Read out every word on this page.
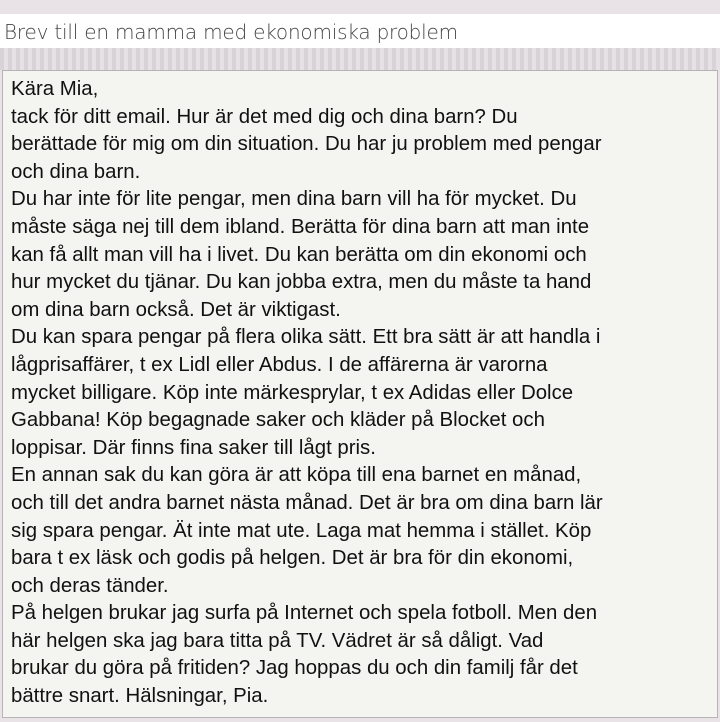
Brev till en mamma med ekonomiska problem
Kära Mia,
tack för ditt email. Hur är det med dig och dina barn? Du
berättade för mig om din situation. Du har ju problem med pengar
och dina barn.
Du har inte för lite pengar, men dina barn vill ha för mycket. Du
måste säga nej till dem ibland. Berätta för dina barn att man inte
kan få allt man vill ha i livet. Du kan berätta om din ekonomi och
hur mycket du tjänar. Du kan jobba extra, men du måste ta hand
om dina barn också. Det är viktigast.
Du kan spara pengar på flera olika sätt. Ett bra sätt är att handla i
lågprisaffärer, t ex Lidl eller Abdus. I de affärerna är varorna
mycket billigare. Köp inte märkesprylar, t ex Adidas eller Dolce
Gabbana! Köp begagnade saker och kläder på Blocket och
loppisar. Där finns fina saker till lågt pris.
En annan sak du kan göra är att köpa till ena barnet en månad,
och till det andra barnet nästa månad. Det är bra om dina barn lär
sig spara pengar. Ät inte mat ute. Laga mat hemma i stället. Köp
bara t ex läsk och godis på helgen. Det är bra för din ekonomi,
och deras tänder.
På helgen brukar jag surfa på Internet och spela fotboll. Men den
här helgen ska jag bara titta på TV. Vädret är så dåligt. Vad
brukar du göra på fritiden? Jag hoppas du och din familj får det
bättre snart. Hälsningar, Pia.
